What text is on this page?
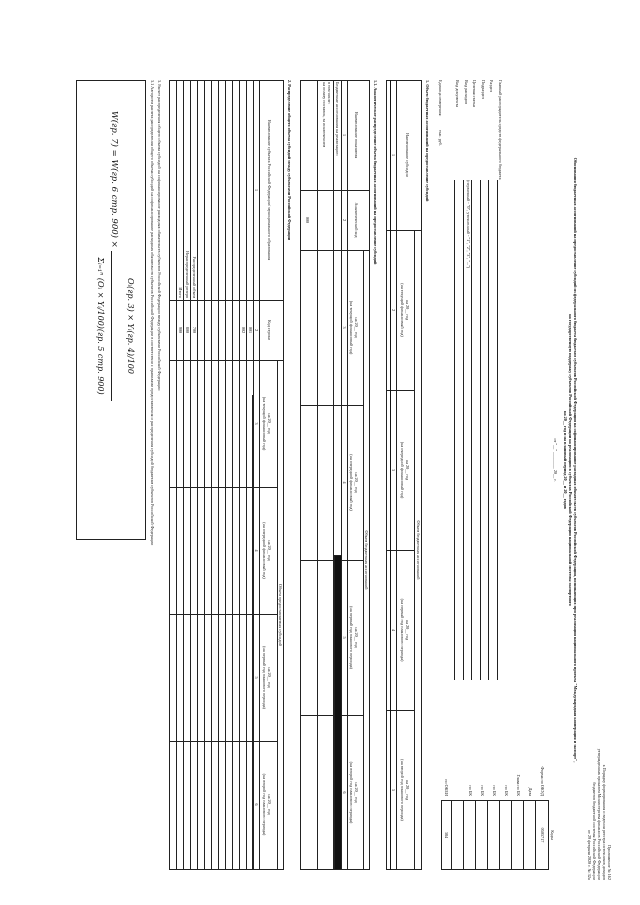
Приложение № 162
к Порядку формирования и ведения реестра источников доходов
утвержденных приказом Министерства финансов Российской Федерации
бюджетов бюджетной системы Российской Федерации
от 29 февраля 2020 г. № 32н
Обоснования бюджетных ассигнований на предоставление субсидий из федерального бюджета бюджетам субъектов Российской Федерации на софинансирование расходных обязательств субъектов Российской Федерации, возникающих при реализации национального проекта "Международная кооперация и экспорт",
на государственную поддержку субъектов Российской Федерации на реализацию в субъектах Российской Федерации национальной системы экспортного
на 20__ год и на плановый период 20__ и 20__ годов
от "__" ________ 20__ г.
Коды
(первичный - "0", уточненный - "1", "2", "3", "...")
тыс. руб.
1. Объем бюджетных ассигнований на предоставление субсидий
Наименование субсидии
Объем бюджетных ассигнований
1.1. Аналитическое распределение объема бюджетных ассигнований на предоставление субсидий
Наименование показателя
Аналитический код
Объем бюджетных ассигнований
Бюджетные ассигнования на реализацию
в том числе:
на оплату поставок, за исключением
000
2. Распределение общего объема субсидий между субъектами Российской Федерации
Наименование субъекта Российской Федерации/ муниципального образования
Код строки
Объем предоставляемых субсидий
3. Расчет распределения общего объема субсидий на софинансирование расходных обязательств субъектов Российской Федерации между субъектами Российской Федерации
3.1 Алгоритм расчета распределения общего объема субсидий на софинансирование расходных обязательств субъектов Российской Федерации в соответствии с правилами предоставления и распределения субсидий бюджетам субъектов Российской Федерации
W(гр. 7) = W(гр. 6 стр. 900) ×
Oᵢ(гр. 3) × Yᵢ(гр. 4)/100
Σᵢ₌₁ⁿ (Oᵢ × Yᵢ/100)(гр. 5 стр. 900)
Главный распорядитель средств федерального бюджета
Раздел
Подраздел
Целевая статья
Вид расходов
Вид документа
Единица измерения:
Форма по ОКУД
0505717
Дата
Глава по БК
по БК
по БК
по БК
по БК
по ОКЕИ
384
на 20__ год
(на текущий финансовый год)
на 20__ год
(на очередной финансовый год)
на 20__ год
(на первый год планового периода)
на 20__ год
(на второй год планового периода)
1
2
3
4
5
на 20__ год
(на текущий финансовый год)
на 20__ год
(на очередной финансовый год)
на 20__ год
(на первый год планового периода)
на 20__ год
(на второй год планового периода)
1
2
3
4
5
6
на 20__ год
(на текущий финансовый год)
на 20__ год
(на очередной финансовый год)
на 20__ год
(на первый год планового периода)
на 20__ год
(на второй год планового периода)
1
2
3
4
5
6
001
002
700
800
900
Распределенный объем
Нераспределенный резерв
Итого
